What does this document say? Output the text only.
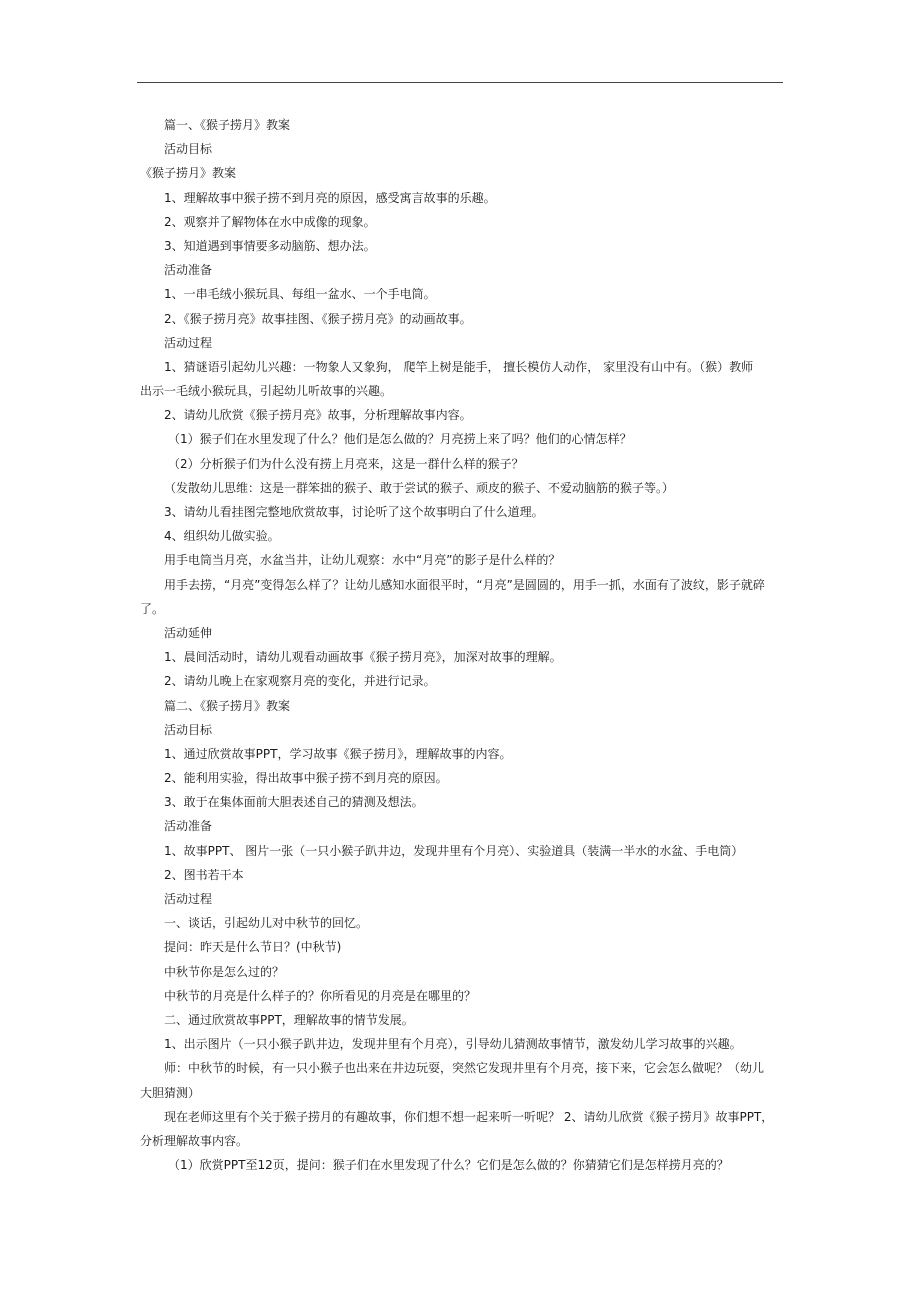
篇一、《猴子捞月》教案

活动目标

《猴子捞月》教案

1、理解故事中猴子捞不到月亮的原因，感受寓言故事的乐趣。

2、观察并了解物体在水中成像的现象。

3、知道遇到事情要多动脑筋、想办法。

活动准备

1、一串毛绒小猴玩具、每组一盆水、一个手电筒。

2、《猴子捞月亮》故事挂图、《猴子捞月亮》的动画故事。

活动过程

1、猜谜语引起幼儿兴趣：一物象人又象狗， 爬竿上树是能手， 擅长模仿人动作， 家里没有山中有。（猴）教师

出示一毛绒小猴玩具，引起幼儿听故事的兴趣。

2、请幼儿欣赏《猴子捞月亮》故事，分析理解故事内容。

（1）猴子们在水里发现了什么？他们是怎么做的？月亮捞上来了吗？他们的心情怎样？

（2）分析猴子们为什么没有捞上月亮来，这是一群什么样的猴子？

（发散幼儿思维：这是一群笨拙的猴子、敢于尝试的猴子、顽皮的猴子、不爱动脑筋的猴子等。）

3、请幼儿看挂图完整地欣赏故事，讨论听了这个故事明白了什么道理。

4、组织幼儿做实验。

用手电筒当月亮，水盆当井，让幼儿观察：水中“月亮”的影子是什么样的？

用手去捞，“月亮”变得怎么样了？让幼儿感知水面很平时，“月亮”是圆圆的，用手一抓，水面有了波纹，影子就碎

了。

活动延伸

1、晨间活动时，请幼儿观看动画故事《猴子捞月亮》，加深对故事的理解。

2、请幼儿晚上在家观察月亮的变化，并进行记录。

篇二、《猴子捞月》教案

活动目标

1、通过欣赏故事PPT，学习故事《猴子捞月》，理解故事的内容。

2、能利用实验，得出故事中猴子捞不到月亮的原因。

3、敢于在集体面前大胆表述自己的猜测及想法。

活动准备

1、故事PPT、 图片一张（一只小猴子趴井边，发现井里有个月亮）、实验道具（装满一半水的水盆、手电筒）

2、图书若干本

活动过程

一、谈话，引起幼儿对中秋节的回忆。

提问：昨天是什么节日？(中秋节)

中秋节你是怎么过的？

中秋节的月亮是什么样子的？你所看见的月亮是在哪里的？

二、通过欣赏故事PPT，理解故事的情节发展。

1、出示图片（一只小猴子趴井边，发现井里有个月亮），引导幼儿猜测故事情节，激发幼儿学习故事的兴趣。

师：中秋节的时候，有一只小猴子也出来在井边玩耍，突然它发现井里有个月亮，接下来，它会怎么做呢？（幼儿

大胆猜测）

现在老师这里有个关于猴子捞月的有趣故事，你们想不想一起来听一听呢？ 2、请幼儿欣赏《猴子捞月》故事PPT，

分析理解故事内容。

（1）欣赏PPT至12页，提问：猴子们在水里发现了什么？它们是怎么做的？你猜猜它们是怎样捞月亮的？
